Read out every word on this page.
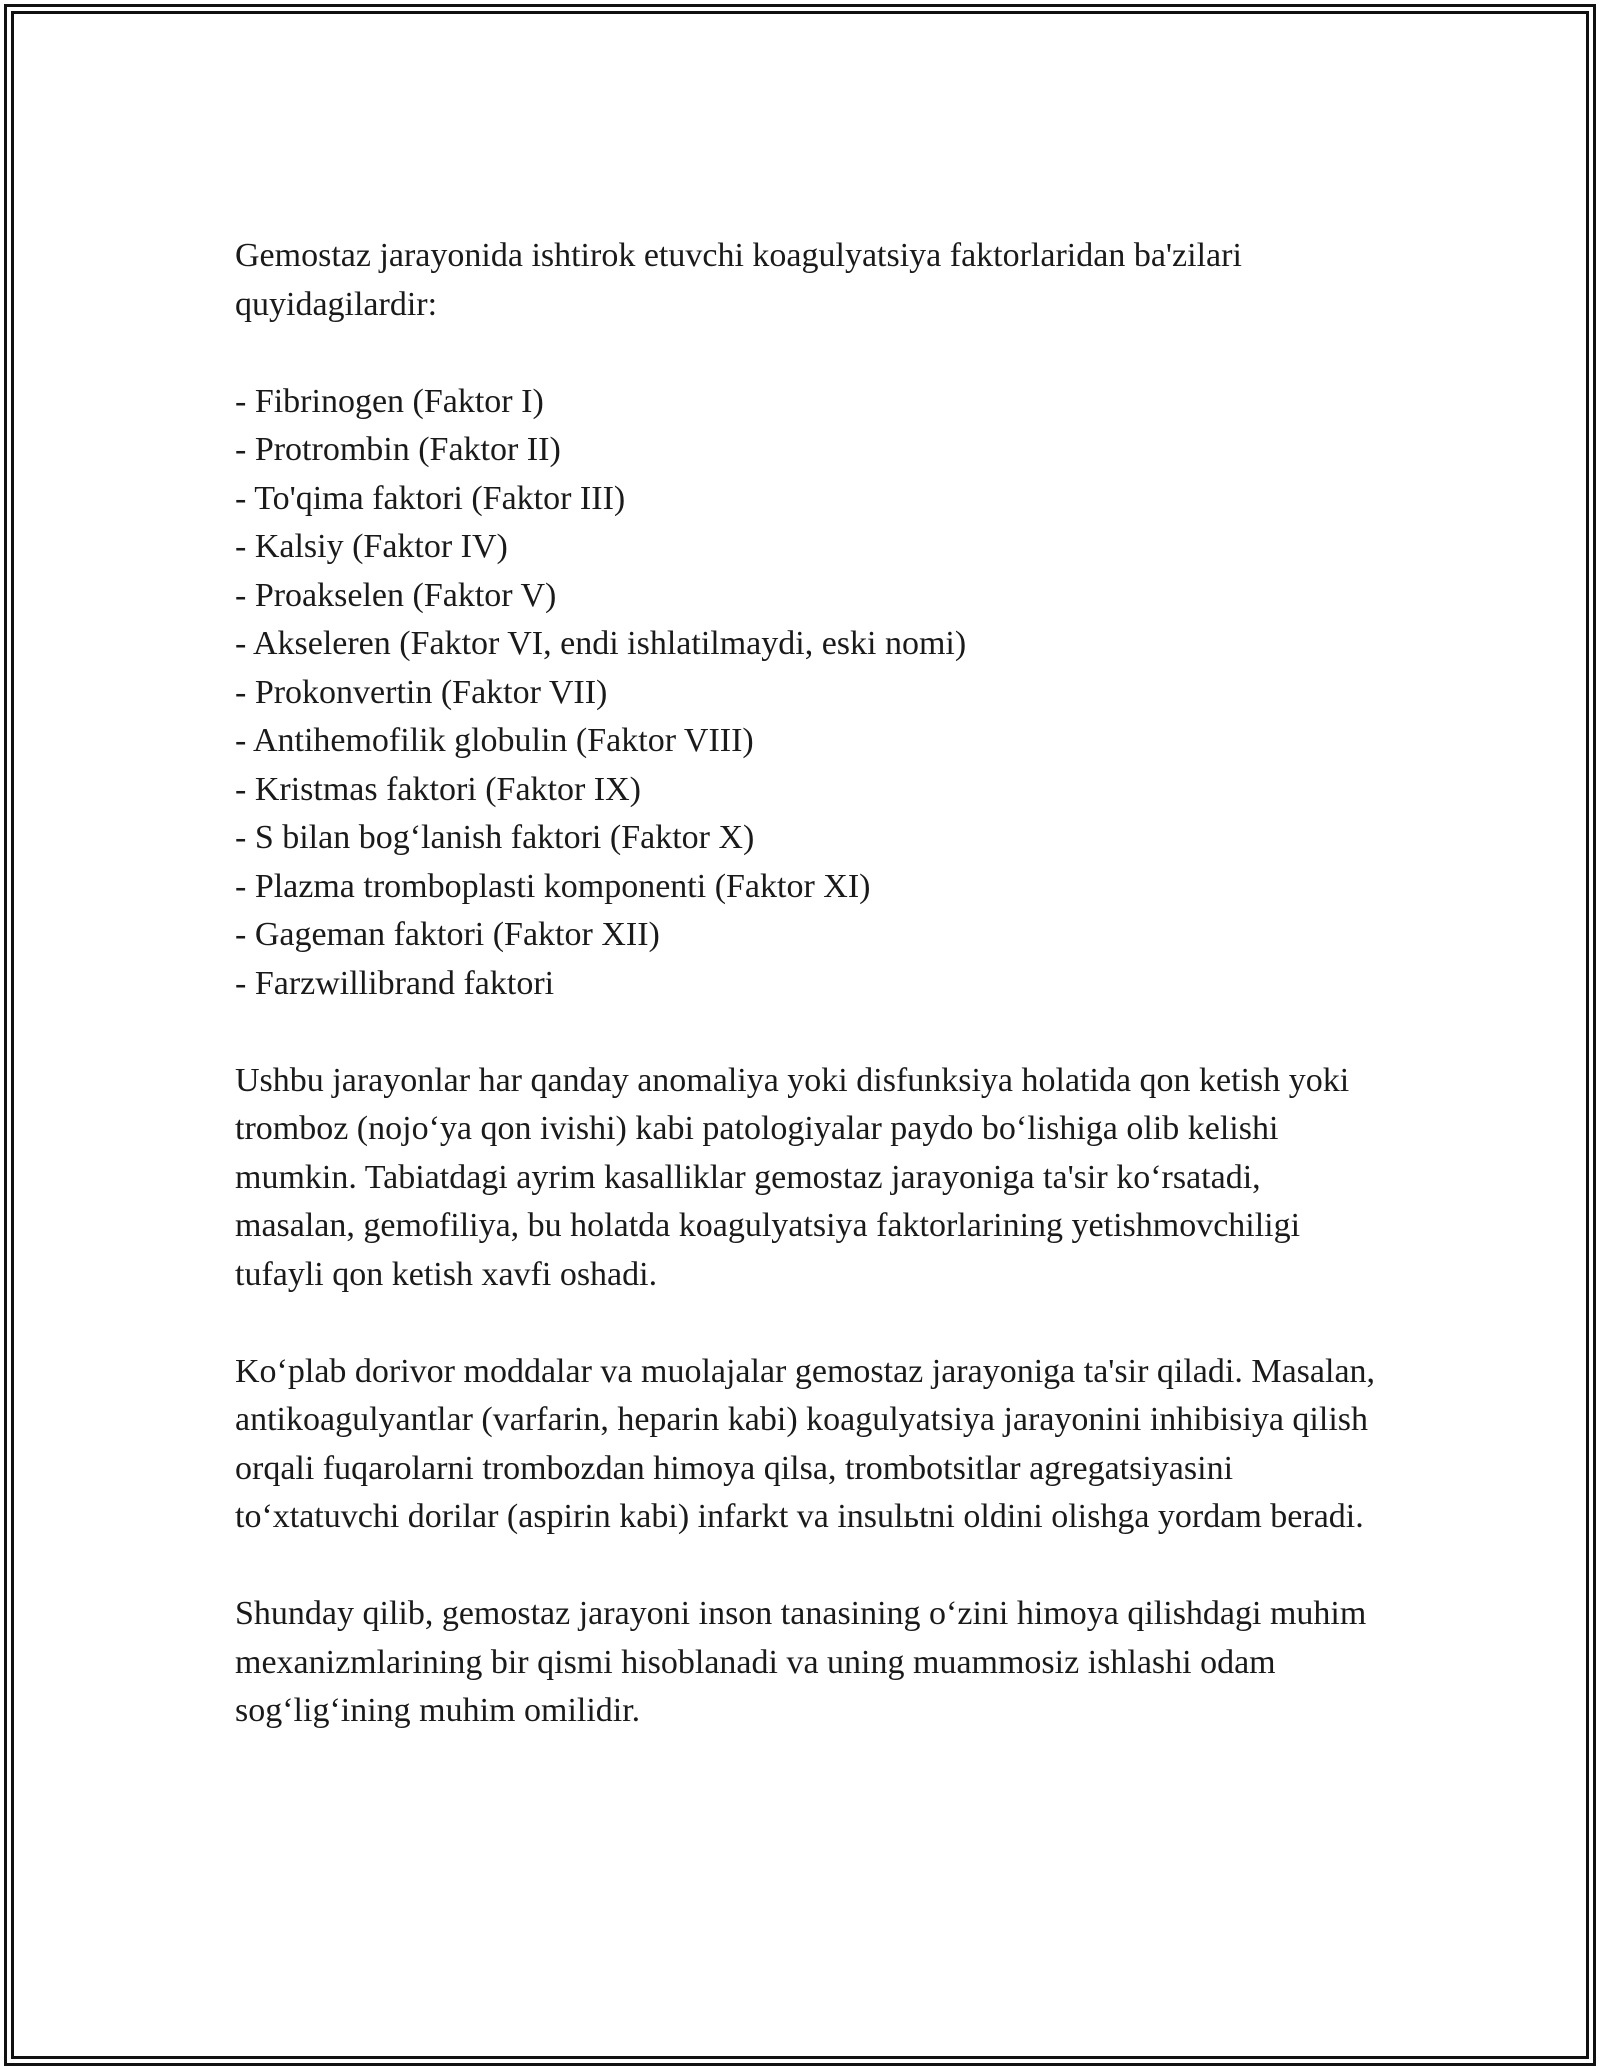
Gemostaz jarayonida ishtirok etuvchi koagulyatsiya faktorlaridan ba'zilari quyidagilardir:

- Fibrinogen (Faktor I)
- Protrombin (Faktor II)
- To'qima faktori (Faktor III)
- Kalsiy (Faktor IV)
- Proakselen (Faktor V)
- Akseleren (Faktor VI, endi ishlatilmaydi, eski nomi)
- Prokonvertin (Faktor VII)
- Antihemofilik globulin (Faktor VIII)
- Kristmas faktori (Faktor IX)
- S bilan bog‘lanish faktori (Faktor X)
- Plazma tromboplasti komponenti (Faktor XI)
- Gageman faktori (Faktor XII)
- Farzwillibrand faktori

Ushbu jarayonlar har qanday anomaliya yoki disfunksiya holatida qon ketish yoki tromboz (nojo‘ya qon ivishi) kabi patologiyalar paydo bo‘lishiga olib kelishi mumkin. Tabiatdagi ayrim kasalliklar gemostaz jarayoniga ta'sir ko‘rsatadi, masalan, gemofiliya, bu holatda koagulyatsiya faktorlarining yetishmovchiligi tufayli qon ketish xavfi oshadi.

Ko‘plab dorivor moddalar va muolajalar gemostaz jarayoniga ta'sir qiladi. Masalan, antikoagulyantlar (varfarin, heparin kabi) koagulyatsiya jarayonini inhibisiya qilish orqali fuqarolarni trombozdan himoya qilsa, trombotsitlar agregatsiyasini to‘xtatuvchi dorilar (aspirin kabi) infarkt va insulьtni oldini olishga yordam beradi.

Shunday qilib, gemostaz jarayoni inson tanasining o‘zini himoya qilishdagi muhim mexanizmlarining bir qismi hisoblanadi va uning muammosiz ishlashi odam sog‘lig‘ining muhim omilidir.
